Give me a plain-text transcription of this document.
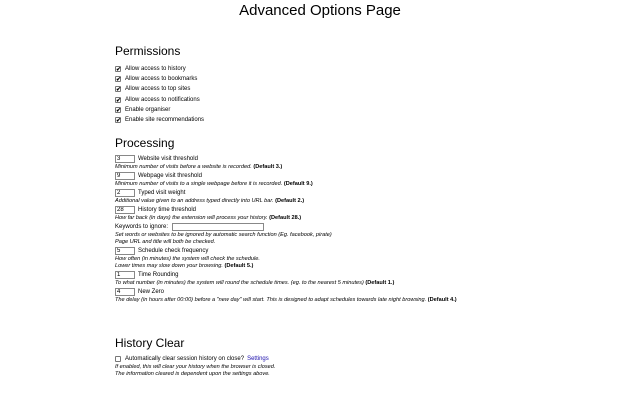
Advanced Options Page
Permissions
✔ Allow access to history
✔ Allow access to bookmarks
✔ Allow access to top sites
✔ Allow access to notifications
✔ Enable organiser
✔ Enable site recommendations
Processing
3
Website visit threshold
Minimum number of visits before a website is recorded. (Default 3.)
9
Webpage visit threshold
Minimum number of visits to a single webpage before it is recorded. (Default 9.)
2
Typed visit weight
Additional value given to an address typed directly into URL bar. (Default 2.)
28
History time threshold
How far back (in days) the extension will process your history. (Default 28.)
Keywords to ignore:
Set words or websites to be ignored by automatic search function (Eg. facebook, pirate)
Page URL and title will both be checked.
5
Schedule check frequency
How often (in minutes) the system will check the schedule.
Lower times may slow down your browsing. (Default 5.)
1
Time Rounding
To what number (in minutes) the system will round the schedule times. (eg. to the nearest 5 minutes) (Default 1.)
4
New Zero
The delay (in hours after 00:00) before a "new day" will start. This is designed to adapt schedules towards late night browsing. (Default 4.)
History Clear
Automatically clear session history on close? Settings
If enabled, this will clear your history when the browser is closed.
The information cleared is dependent upon the settings above.
